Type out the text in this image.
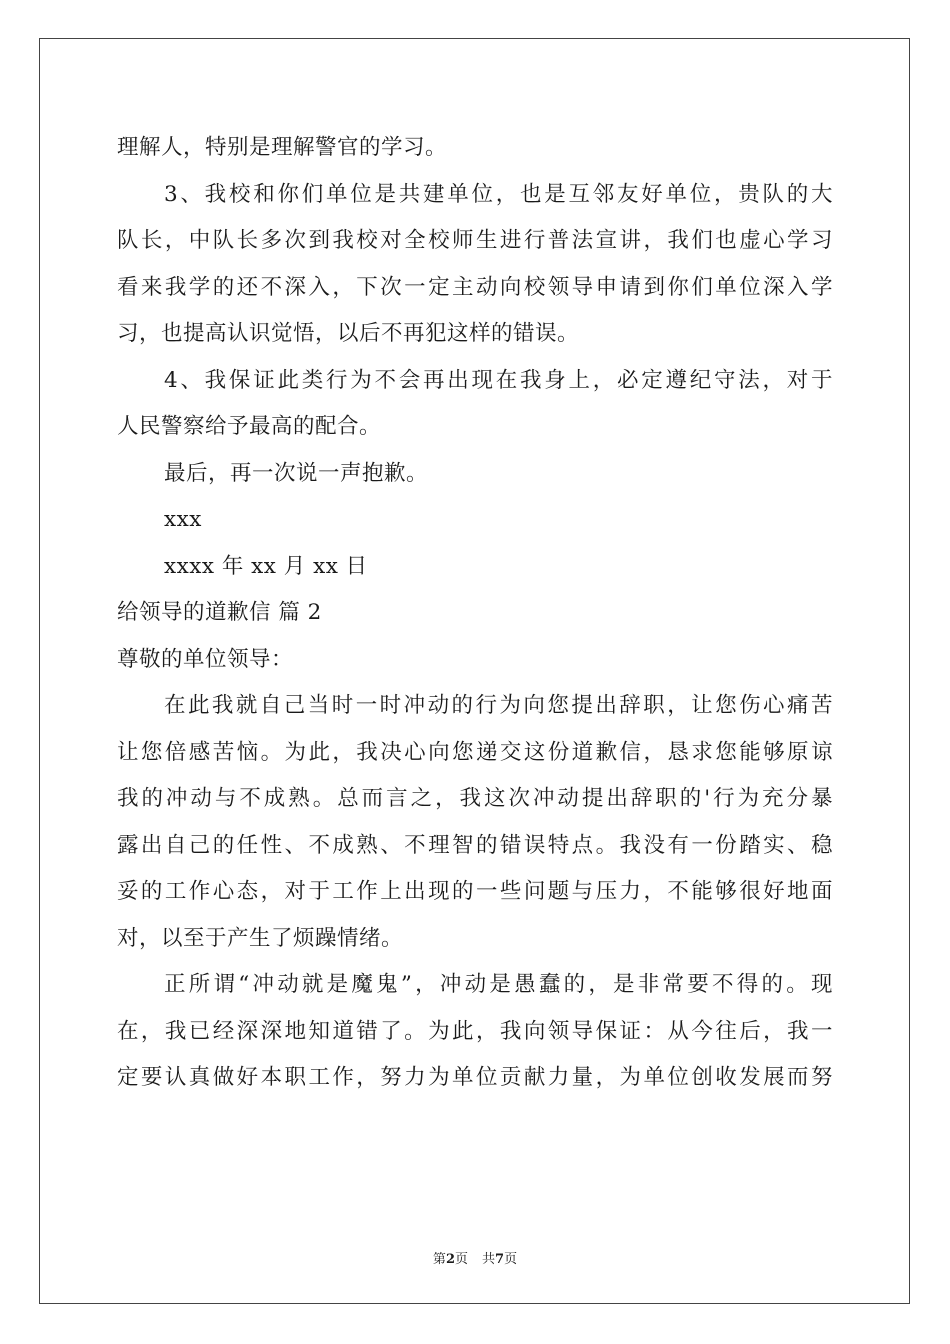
理解人，特别是理解警官的学习。
3、我校和你们单位是共建单位，也是互邻友好单位，贵队的大
队长，中队长多次到我校对全校师生进行普法宣讲，我们也虚心学习
看来我学的还不深入，下次一定主动向校领导申请到你们单位深入学
习，也提高认识觉悟，以后不再犯这样的错误。
4、我保证此类行为不会再出现在我身上，必定遵纪守法，对于
人民警察给予最高的配合。
最后，再一次说一声抱歉。
xxx
xxxx 年 xx 月 xx 日
给领导的道歉信 篇 2
尊敬的单位领导：
在此我就自己当时一时冲动的行为向您提出辞职，让您伤心痛苦
让您倍感苦恼。为此，我决心向您递交这份道歉信，恳求您能够原谅
我的冲动与不成熟。总而言之，我这次冲动提出辞职的'行为充分暴
露出自己的任性、不成熟、不理智的错误特点。我没有一份踏实、稳
妥的工作心态，对于工作上出现的一些问题与压力，不能够很好地面
对，以至于产生了烦躁情绪。
正所谓“冲动就是魔鬼”，冲动是愚蠢的，是非常要不得的。现
在，我已经深深地知道错了。为此，我向领导保证：从今往后，我一
定要认真做好本职工作，努力为单位贡献力量，为单位创收发展而努
第2页 共7页
